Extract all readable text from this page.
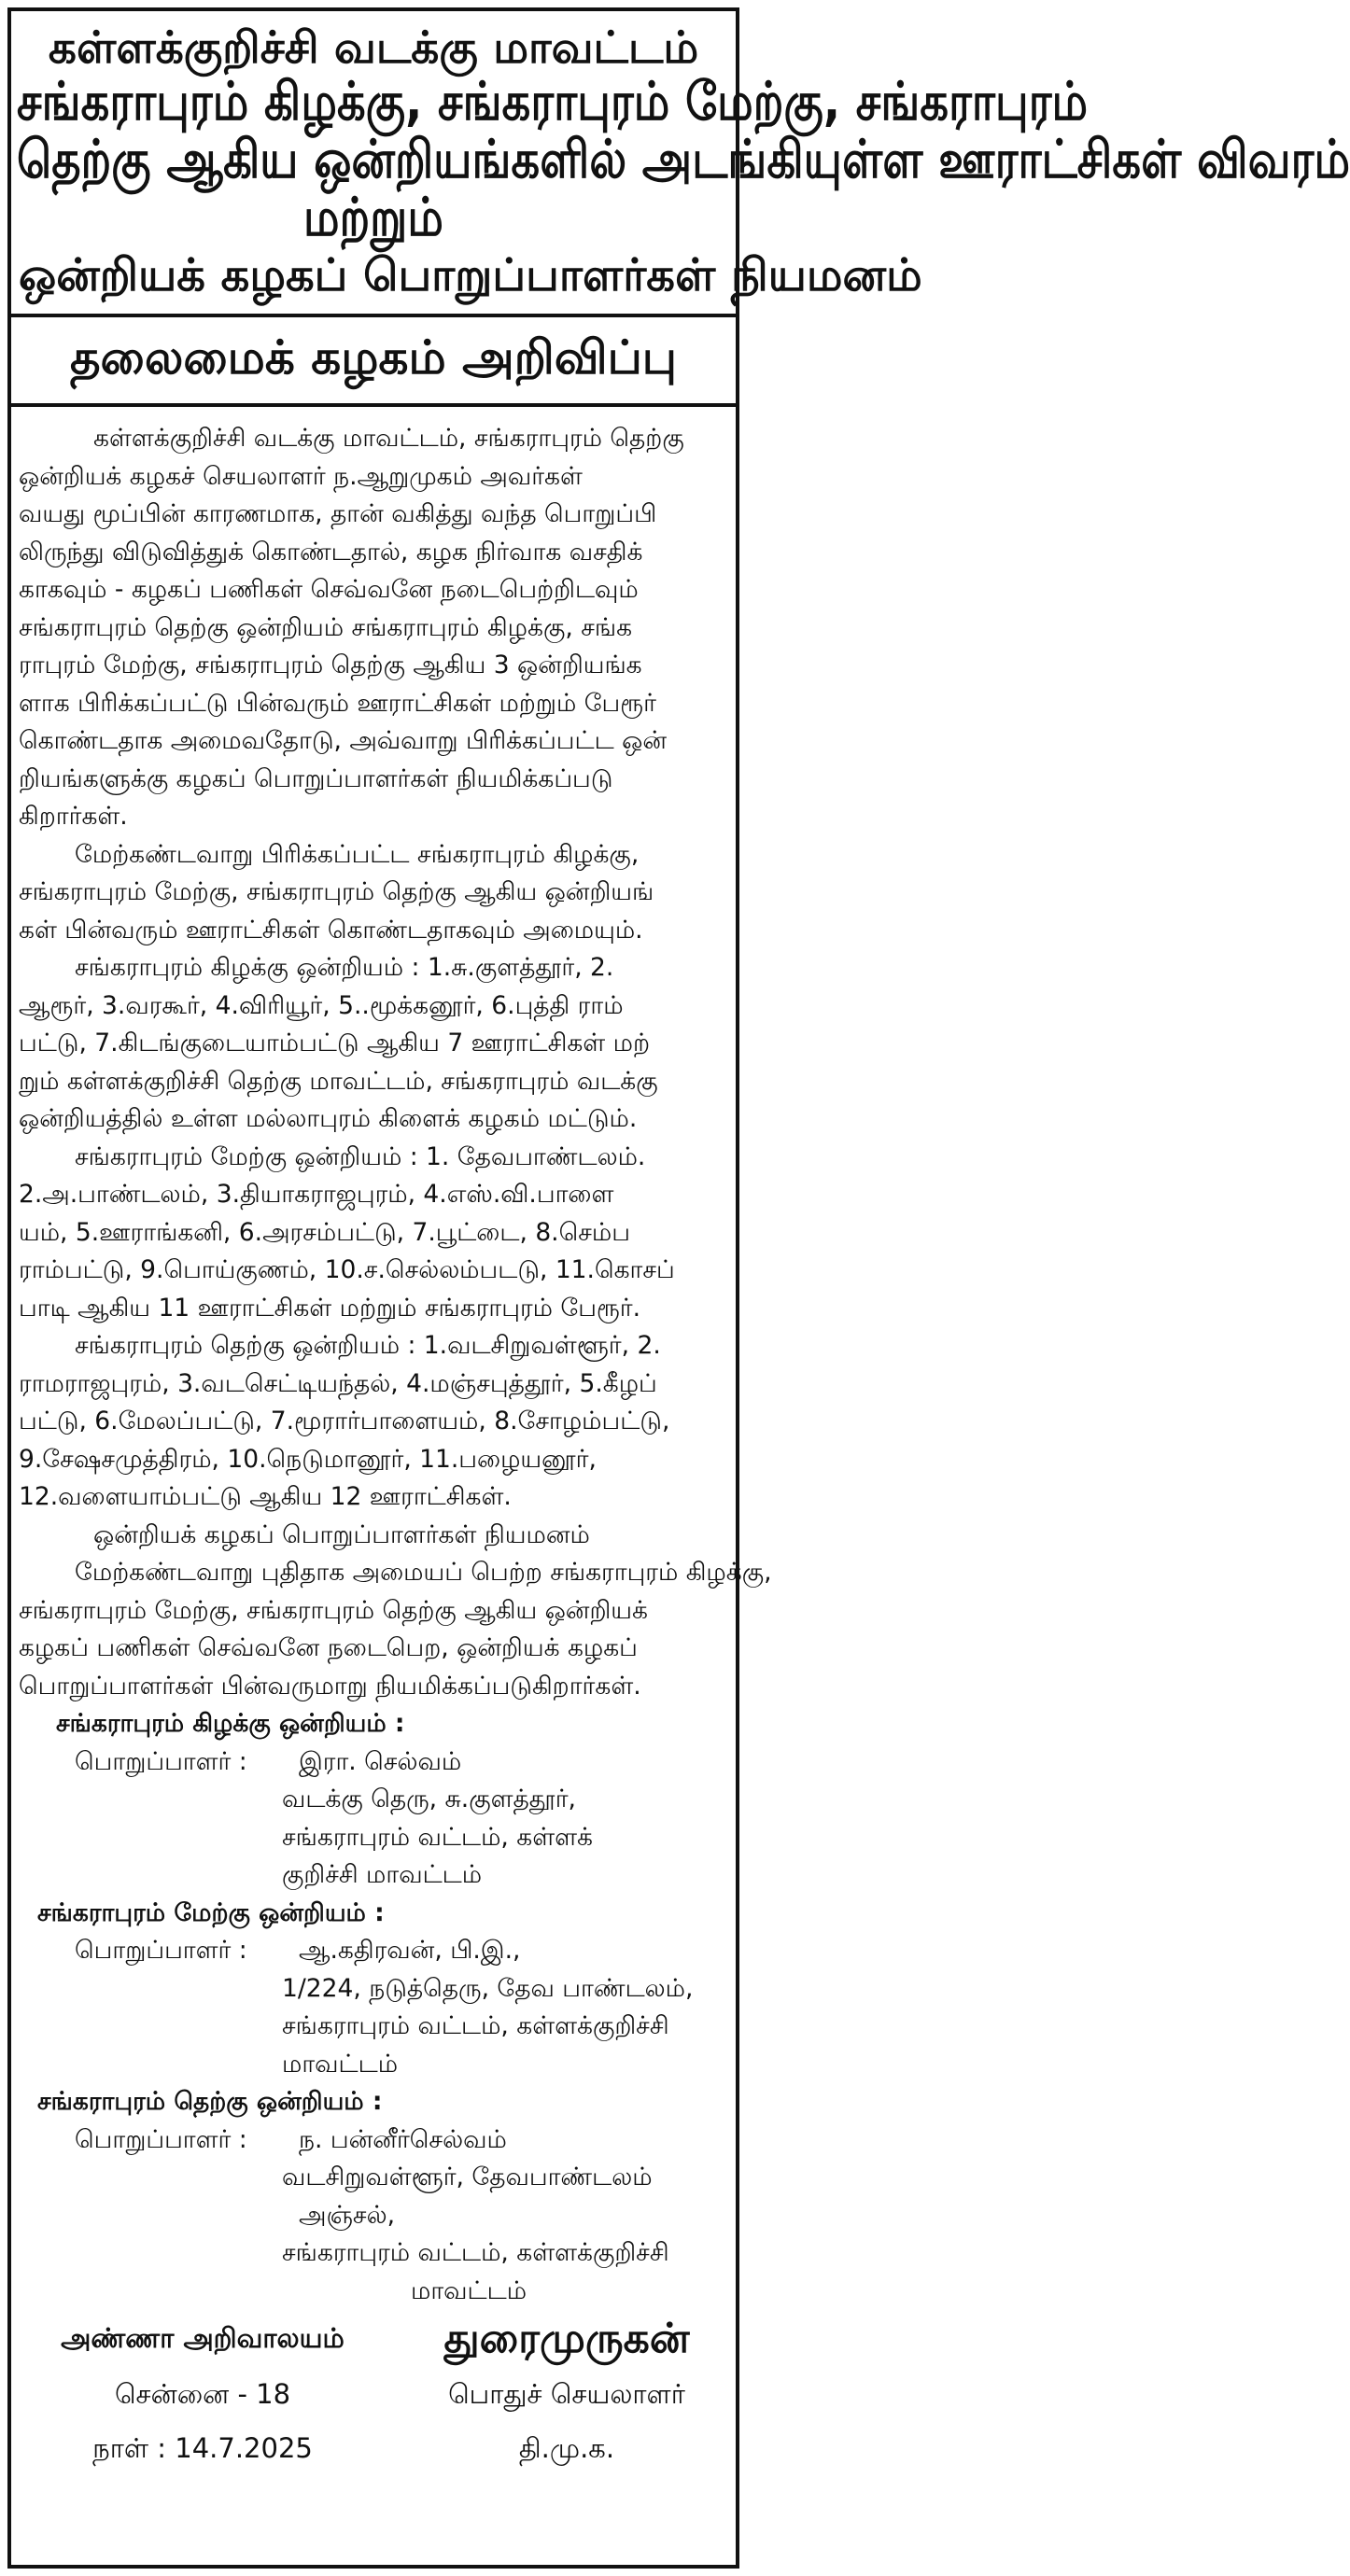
கள்ளக்குறிச்சி வடக்கு மாவட்டம்
சங்கராபுரம் கிழக்கு, சங்கராபுரம் மேற்கு, சங்கராபுரம்
தெற்கு ஆகிய ஒன்றியங்களில் அடங்கியுள்ள ஊராட்சிகள் விவரம்
மற்றும்
ஒன்றியக் கழகப் பொறுப்பாளர்கள் நியமனம்
தலைமைக் கழகம் அறிவிப்பு

கள்ளக்குறிச்சி வடக்கு மாவட்டம், சங்கராபுரம் தெற்கு

ஒன்றியக் கழகச் செயலாளர் ந.ஆறுமுகம் அவர்கள்

வயது மூப்பின் காரணமாக, தான் வகித்து வந்த பொறுப்பி

லிருந்து விடுவித்துக் கொண்டதால், கழக நிர்வாக வசதிக்

காகவும் - கழகப் பணிகள் செவ்வனே நடைபெற்றிடவும்

சங்கராபுரம் தெற்கு ஒன்றியம் சங்கராபுரம் கிழக்கு, சங்க

ராபுரம் மேற்கு, சங்கராபுரம் தெற்கு ஆகிய 3 ஒன்றியங்க

ளாக பிரிக்கப்பட்டு பின்வரும் ஊராட்சிகள் மற்றும் பேரூர்

கொண்டதாக அமைவதோடு, அவ்வாறு பிரிக்கப்பட்ட ஒன்

றியங்களுக்கு கழகப் பொறுப்பாளர்கள் நியமிக்கப்படு

கிறார்கள்.

மேற்கண்டவாறு பிரிக்கப்பட்ட சங்கராபுரம் கிழக்கு,

சங்கராபுரம் மேற்கு, சங்கராபுரம் தெற்கு ஆகிய ஒன்றியங்

கள் பின்வரும் ஊராட்சிகள் கொண்டதாகவும் அமையும்.

சங்கராபுரம் கிழக்கு ஒன்றியம் : 1.சு.குளத்தூர், 2.

ஆரூர், 3.வரகூர், 4.விரியூர், 5..மூக்கனூர், 6.புத்தி ராம்

பட்டு, 7.கிடங்குடையாம்பட்டு ஆகிய 7 ஊராட்சிகள் மற்

றும் கள்ளக்குறிச்சி தெற்கு மாவட்டம், சங்கராபுரம் வடக்கு

ஒன்றியத்தில் உள்ள மல்லாபுரம் கிளைக் கழகம் மட்டும்.

சங்கராபுரம் மேற்கு ஒன்றியம் : 1. தேவபாண்டலம்.

2.அ.பாண்டலம், 3.தியாகராஜபுரம், 4.எஸ்.வி.பாளை

யம், 5.ஊராங்கனி, 6.அரசம்பட்டு, 7.பூட்டை, 8.செம்ப

ராம்பட்டு, 9.பொய்குணம், 10.ச.செல்லம்படடு, 11.கொசப்

பாடி ஆகிய 11 ஊராட்சிகள் மற்றும் சங்கராபுரம் பேரூர்.

சங்கராபுரம் தெற்கு ஒன்றியம் : 1.வடசிறுவள்ளூர், 2.

ராமராஜபுரம், 3.வடசெட்டியந்தல், 4.மஞ்சபுத்தூர், 5.கீழப்

பட்டு, 6.மேலப்பட்டு, 7.மூரார்பாளையம், 8.சோழம்பட்டு,

9.சேஷசமுத்திரம், 10.நெடுமானூர், 11.பழையனூர்,

12.வளையாம்பட்டு ஆகிய 12 ஊராட்சிகள்.

ஒன்றியக் கழகப் பொறுப்பாளர்கள் நியமனம்

மேற்கண்டவாறு புதிதாக அமையப் பெற்ற சங்கராபுரம் கிழக்கு,

சங்கராபுரம் மேற்கு, சங்கராபுரம் தெற்கு ஆகிய ஒன்றியக்

கழகப் பணிகள் செவ்வனே நடைபெற, ஒன்றியக் கழகப்

பொறுப்பாளர்கள் பின்வருமாறு நியமிக்கப்படுகிறார்கள்.

சங்கராபுரம் கிழக்கு ஒன்றியம் :

பொறுப்பாளர் : இரா. செல்வம்

வடக்கு தெரு, சு.குளத்தூர்,

சங்கராபுரம் வட்டம், கள்ளக்

குறிச்சி மாவட்டம்

சங்கராபுரம் மேற்கு ஒன்றியம் :

பொறுப்பாளர் : ஆ.கதிரவன், பி.இ.,

1/224, நடுத்தெரு, தேவ பாண்டலம்,

சங்கராபுரம் வட்டம், கள்ளக்குறிச்சி

மாவட்டம்

சங்கராபுரம் தெற்கு ஒன்றியம் :

பொறுப்பாளர் : ந. பன்னீர்செல்வம்

வடசிறுவள்ளூர், தேவபாண்டலம்

அஞ்சல்,

சங்கராபுரம் வட்டம், கள்ளக்குறிச்சி

மாவட்டம்

அண்ணா அறிவாலயம்
சென்னை - 18
நாள் : 14.7.2025
துரைமுருகன்
பொதுச் செயலாளர்
தி.மு.க.
